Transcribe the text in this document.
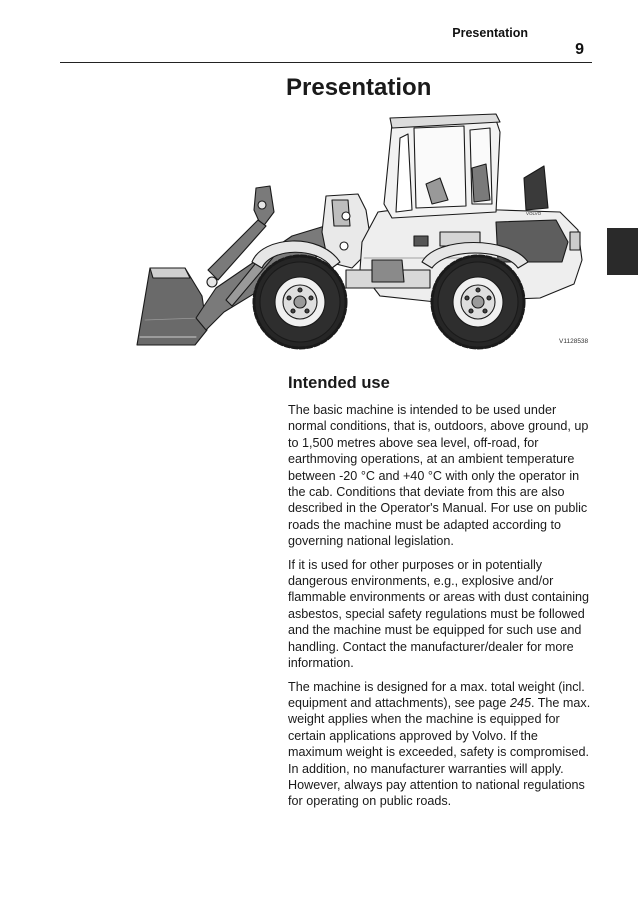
Presentation
9
Presentation
VOLVO
V1128538
Intended use

The basic machine is intended to be used under normal conditions, that is, outdoors, above ground, up to 1,500 metres above sea level, off-road, for earthmoving operations, at an ambient temperature between -20 °C and +40 °C with only the operator in the cab. Conditions that deviate from this are also described in the Operator's Manual. For use on public roads the machine must be adapted according to governing national legislation.

If it is used for other purposes or in potentially dangerous environments, e.g., explosive and/or flammable environments or areas with dust containing asbestos, special safety regulations must be followed and the machine must be equipped for such use and handling. Contact the manufacturer/dealer for more information.

The machine is designed for a max. total weight (incl. equipment and attachments), see page 245. The max. weight applies when the machine is equipped for certain applications approved by Volvo. If the maximum weight is exceeded, safety is compromised. In addition, no manufacturer warranties will apply. However, always pay attention to national regulations for operating on public roads.
